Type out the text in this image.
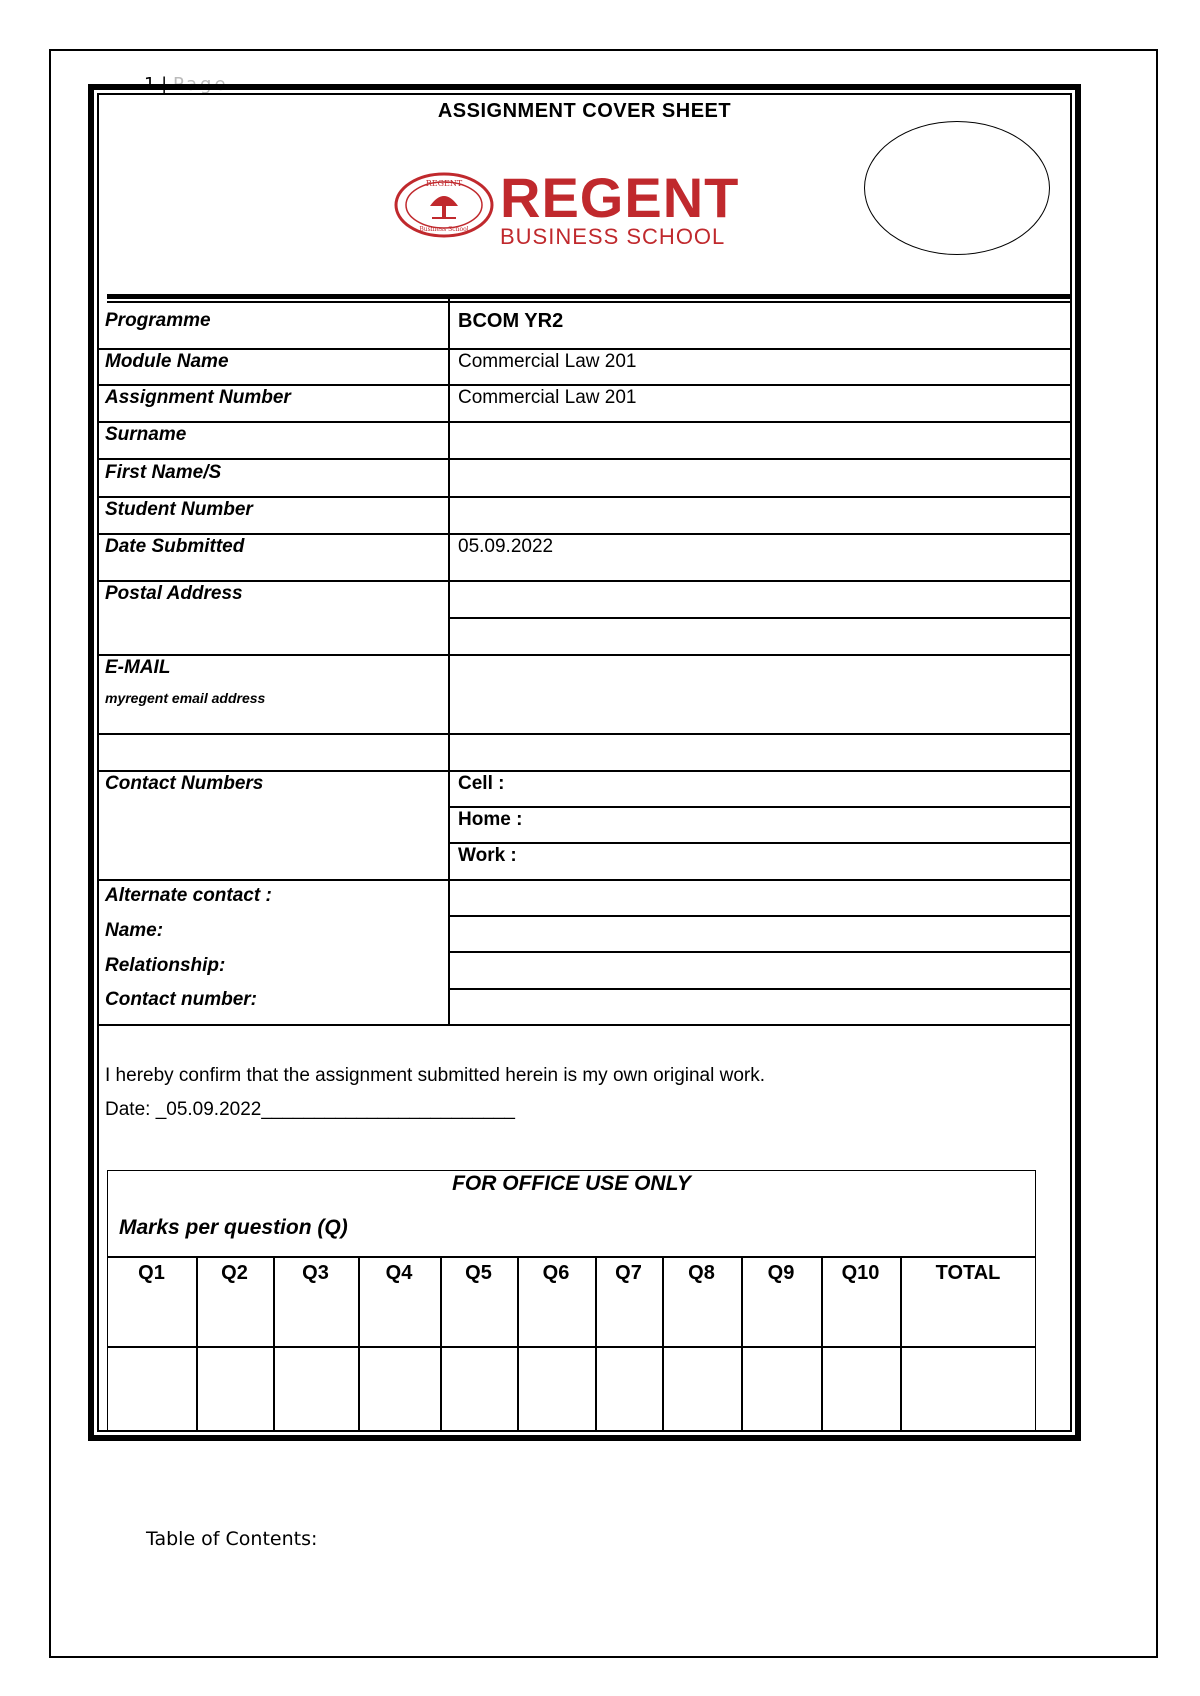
1 | Page
ASSIGNMENT COVER SHEET
REGENT
Business School
REGENT
BUSINESS SCHOOL
Programme	BCOM YR2
Module Name	Commercial Law 201
Assignment Number	Commercial Law 201
Surname
First Name/S
Student Number
Date Submitted	05.09.2022
Postal Address
E-MAIL
myregent email address
Contact Numbers	Cell :
Home :
Work :
Alternate contact :
Name:
Relationship:
Contact number:
I hereby confirm that the assignment submitted herein is my own original work.
Date: _05.09.2022________________________
FOR OFFICE USE ONLY
Marks per question (Q)
Q1	Q2	Q3	Q4	Q5	Q6	Q7	Q8	Q9	Q10	TOTAL
Table of Contents:
